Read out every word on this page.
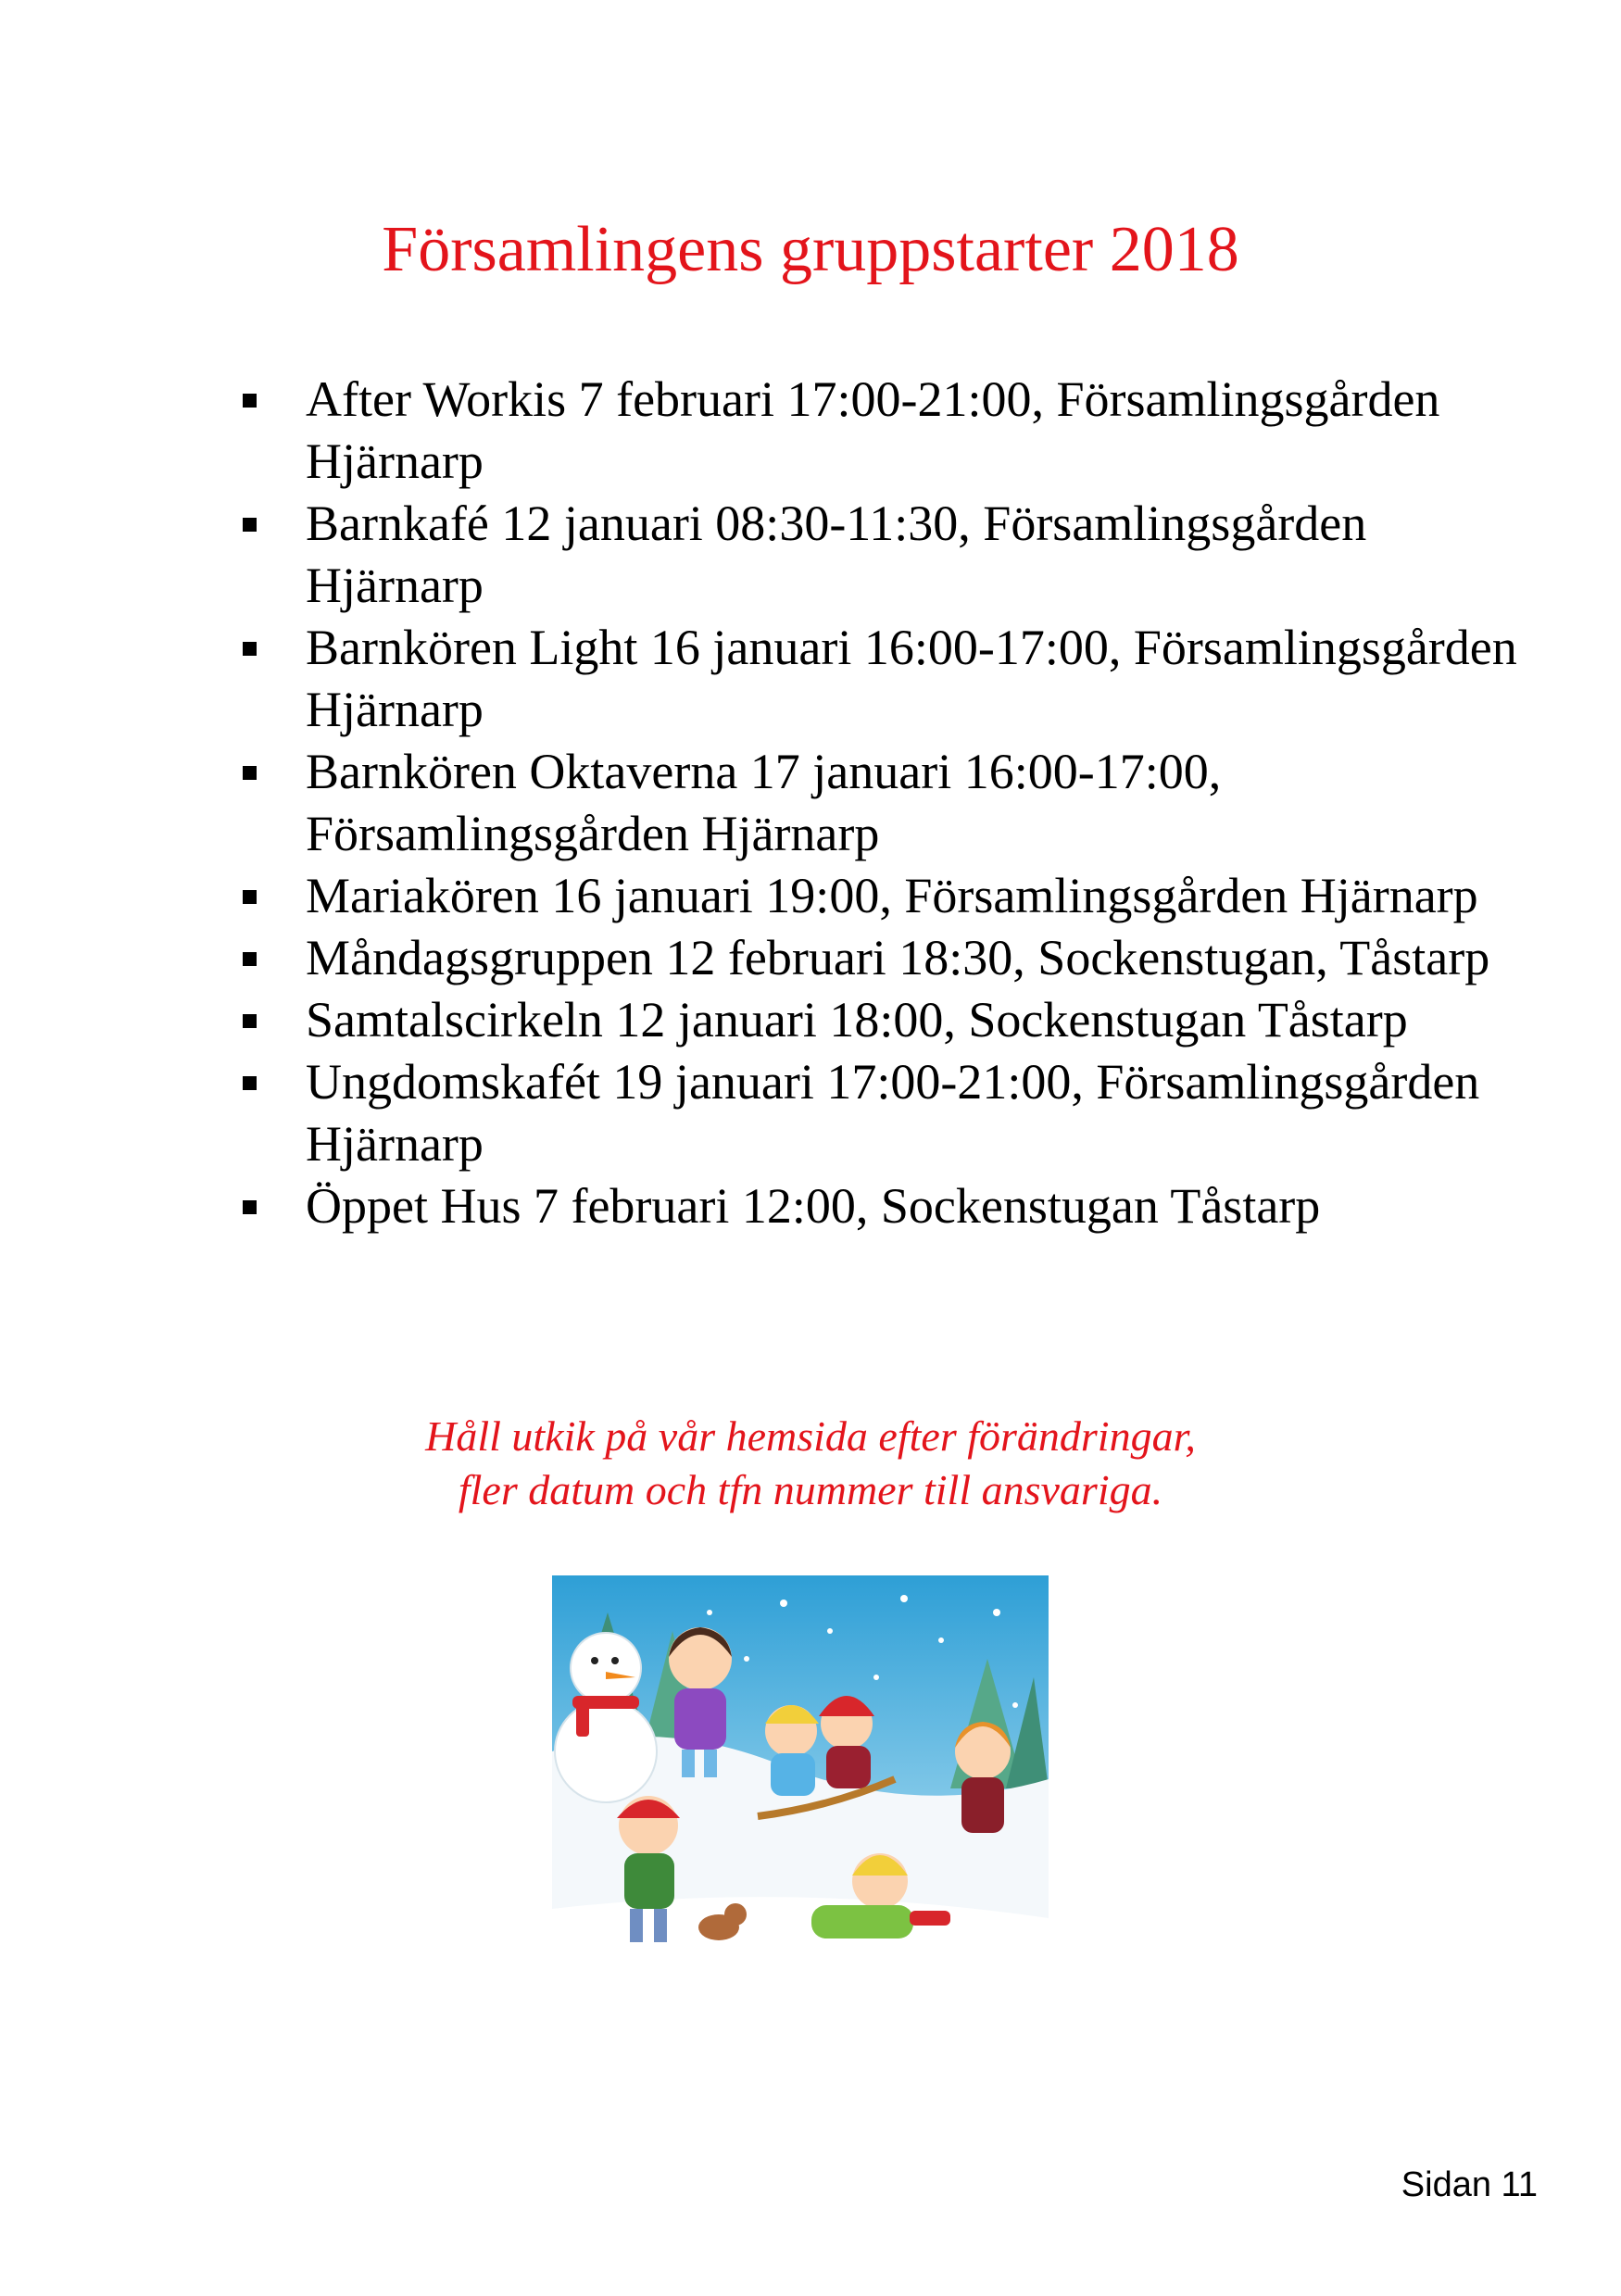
Församlingens gruppstarter 2018
After Workis 7 februari 17:00-21:00, Församlingsgården Hjärnarp
Barnkafé 12 januari 08:30-11:30, Församlingsgården Hjärnarp
Barnkören Light 16 januari 16:00-17:00, Församlingsgården Hjärnarp
Barnkören Oktaverna 17 januari 16:00-17:00, Församlingsgården Hjärnarp
Mariakören 16 januari 19:00, Församlingsgården Hjärnarp
Måndagsgruppen 12 februari 18:30, Sockenstugan, Tåstarp
Samtalscirkeln 12 januari 18:00, Sockenstugan Tåstarp
Ungdomskafét 19 januari 17:00-21:00, Församlingsgården Hjärnarp
Öppet Hus 7 februari 12:00, Sockenstugan Tåstarp
Håll utkik på vår hemsida efter förändringar,
fler datum och tfn nummer till ansvariga.
Sidan 11
